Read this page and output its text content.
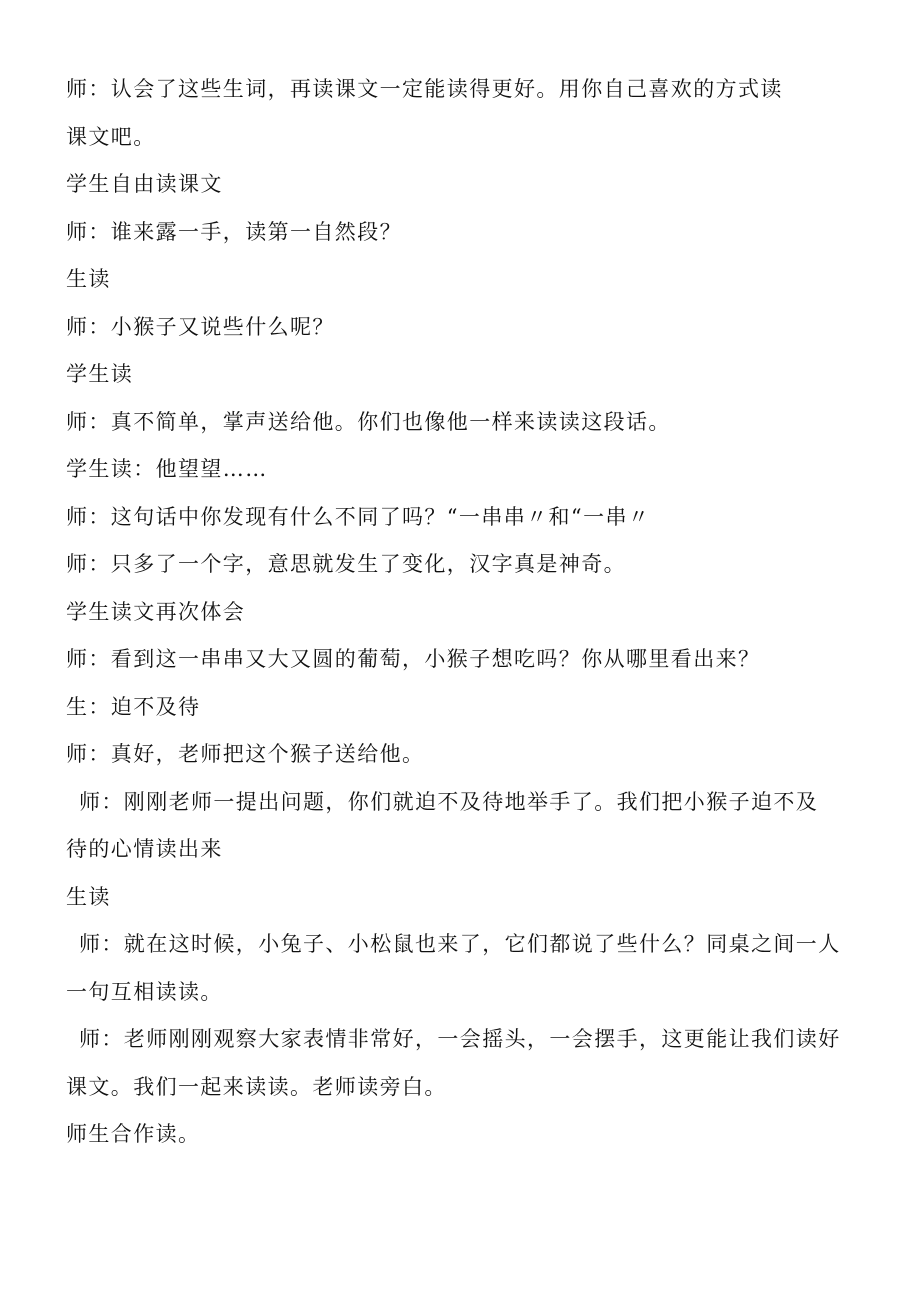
师：认会了这些生词，再读课文一定能读得更好。用你自己喜欢的方式读
课文吧。
学生自由读课文
师：谁来露一手，读第一自然段？
生读
师：小猴子又说些什么呢？
学生读
师：真不简单，掌声送给他。你们也像他一样来读读这段话。
学生读：他望望……
师：这句话中你发现有什么不同了吗？“一串串〃和“一串〃
师：只多了一个字，意思就发生了变化，汉字真是神奇。
学生读文再次体会
师：看到这一串串又大又圆的葡萄，小猴子想吃吗？你从哪里看出来？
生：迫不及待
师：真好，老师把这个猴子送给他。
师：刚刚老师一提出问题，你们就迫不及待地举手了。我们把小猴子迫不及
待的心情读出来
生读
师：就在这时候，小兔子、小松鼠也来了，它们都说了些什么？同桌之间一人
一句互相读读。
师：老师刚刚观察大家表情非常好，一会摇头，一会摆手，这更能让我们读好
课文。我们一起来读读。老师读旁白。
师生合作读。
